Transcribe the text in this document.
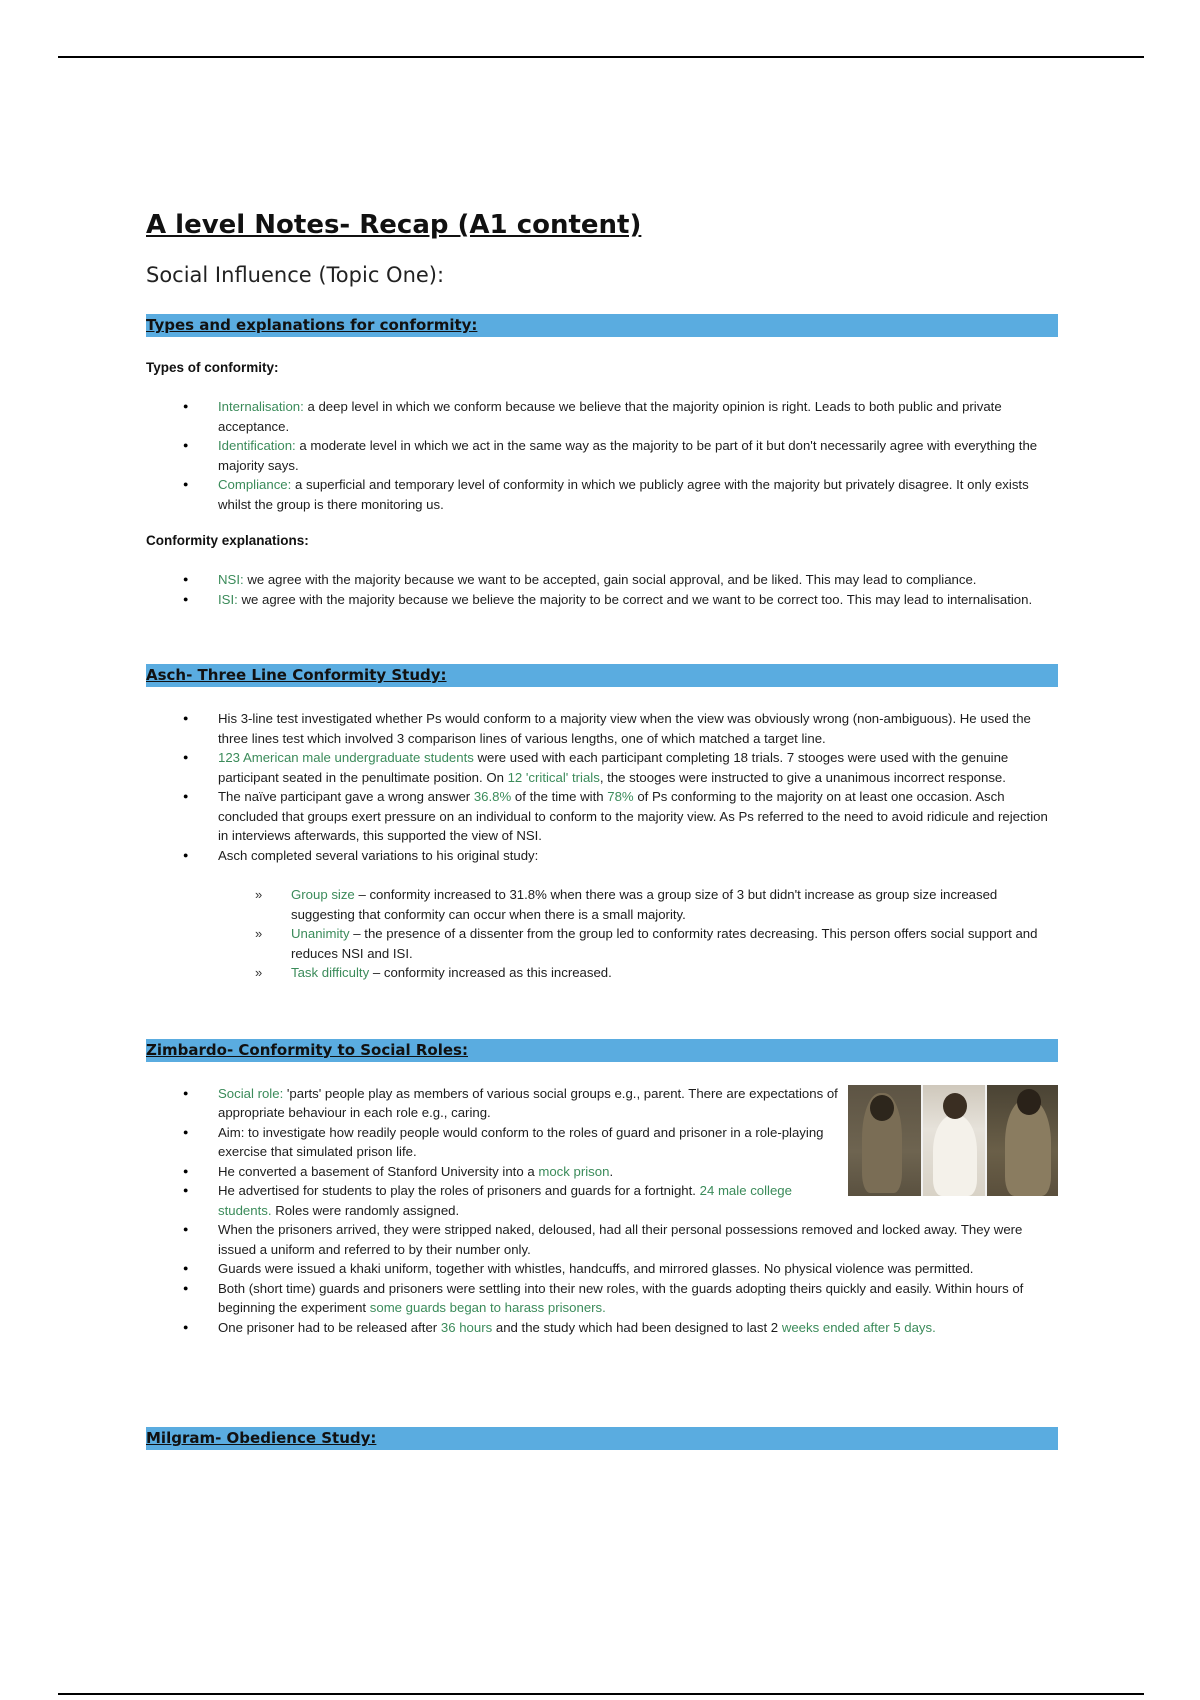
A level Notes- Recap (A1 content)
Social Influence (Topic One):
Types and explanations for conformity:
Types of conformity:
● Internalisation: a deep level in which we conform because we believe that the majority opinion is right. Leads to both public and private acceptance.
● Identification: a moderate level in which we act in the same way as the majority to be part of it but don't necessarily agree with everything the majority says.
● Compliance: a superficial and temporary level of conformity in which we publicly agree with the majority but privately disagree. It only exists whilst the group is there monitoring us.
Conformity explanations:
● NSI: we agree with the majority because we want to be accepted, gain social approval, and be liked. This may lead to compliance.
● ISI: we agree with the majority because we believe the majority to be correct and we want to be correct too. This may lead to internalisation.
Asch- Three Line Conformity Study:
● His 3-line test investigated whether Ps would conform to a majority view when the view was obviously wrong (non-ambiguous). He used the three lines test which involved 3 comparison lines of various lengths, one of which matched a target line.
● 123 American male undergraduate students were used with each participant completing 18 trials. 7 stooges were used with the genuine participant seated in the penultimate position. On 12 'critical' trials, the stooges were instructed to give a unanimous incorrect response.
● The naïve participant gave a wrong answer 36.8% of the time with 78% of Ps conforming to the majority on at least one occasion. Asch concluded that groups exert pressure on an individual to conform to the majority view. As Ps referred to the need to avoid ridicule and rejection in interviews afterwards, this supported the view of NSI.
● Asch completed several variations to his original study:
» Group size – conformity increased to 31.8% when there was a group size of 3 but didn't increase as group size increased suggesting that conformity can occur when there is a small majority.
» Unanimity – the presence of a dissenter from the group led to conformity rates decreasing. This person offers social support and reduces NSI and ISI.
» Task difficulty – conformity increased as this increased.
Zimbardo- Conformity to Social Roles:
● Social role: 'parts' people play as members of various social groups e.g., parent. There are expectations of appropriate behaviour in each role e.g., caring.
● Aim: to investigate how readily people would conform to the roles of guard and prisoner in a role-playing exercise that simulated prison life.
● He converted a basement of Stanford University into a mock prison.
● He advertised for students to play the roles of prisoners and guards for a fortnight. 24 male college students. Roles were randomly assigned.
● When the prisoners arrived, they were stripped naked, deloused, had all their personal possessions removed and locked away. They were issued a uniform and referred to by their number only.
● Guards were issued a khaki uniform, together with whistles, handcuffs, and mirrored glasses. No physical violence was permitted.
● Both (short time) guards and prisoners were settling into their new roles, with the guards adopting theirs quickly and easily. Within hours of beginning the experiment some guards began to harass prisoners.
● One prisoner had to be released after 36 hours and the study which had been designed to last 2 weeks ended after 5 days.
Milgram- Obedience Study:
